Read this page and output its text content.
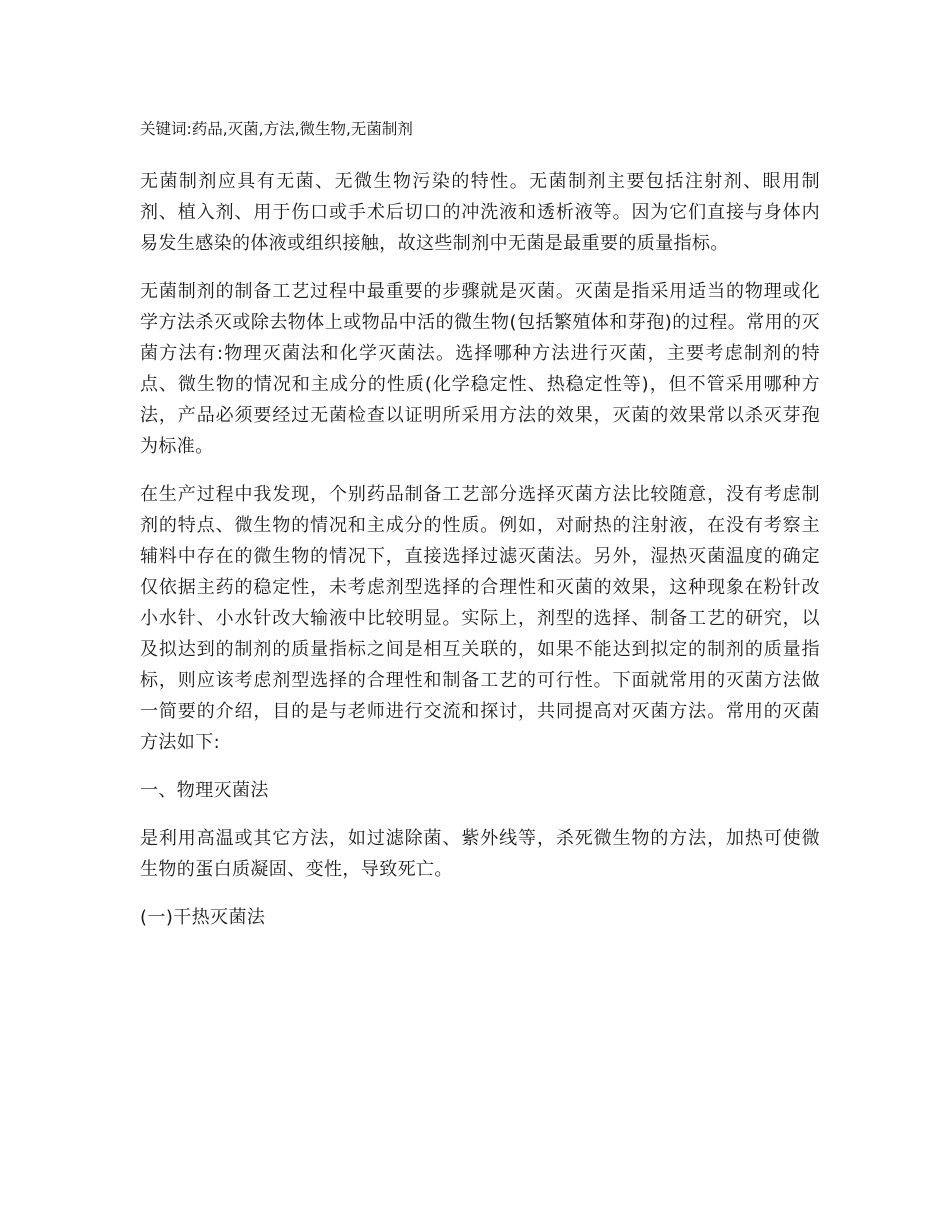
关键词:药品,灭菌,方法,微生物,无菌制剂

无菌制剂应具有无菌、无微生物污染的特性。无菌制剂主要包括注射剂、眼用制剂、植入剂、用于伤口或手术后切口的冲洗液和透析液等。因为它们直接与身体内易发生感染的体液或组织接触，故这些制剂中无菌是最重要的质量指标。

无菌制剂的制备工艺过程中最重要的步骤就是灭菌。灭菌是指采用适当的物理或化学方法杀灭或除去物体上或物品中活的微生物(包括繁殖体和芽孢)的过程。常用的灭菌方法有:物理灭菌法和化学灭菌法。选择哪种方法进行灭菌，主要考虑制剂的特点、微生物的情况和主成分的性质(化学稳定性、热稳定性等)，但不管采用哪种方法，产品必须要经过无菌检查以证明所采用方法的效果，灭菌的效果常以杀灭芽孢为标准。

在生产过程中我发现，个别药品制备工艺部分选择灭菌方法比较随意，没有考虑制剂的特点、微生物的情况和主成分的性质。例如，对耐热的注射液，在没有考察主辅料中存在的微生物的情况下，直接选择过滤灭菌法。另外，湿热灭菌温度的确定仅依据主药的稳定性，未考虑剂型选择的合理性和灭菌的效果，这种现象在粉针改小水针、小水针改大输液中比较明显。实际上，剂型的选择、制备工艺的研究，以及拟达到的制剂的质量指标之间是相互关联的，如果不能达到拟定的制剂的质量指标，则应该考虑剂型选择的合理性和制备工艺的可行性。下面就常用的灭菌方法做一简要的介绍，目的是与老师进行交流和探讨，共同提高对灭菌方法。常用的灭菌方法如下:

一、物理灭菌法

是利用高温或其它方法，如过滤除菌、紫外线等，杀死微生物的方法，加热可使微生物的蛋白质凝固、变性，导致死亡。

(一)干热灭菌法
